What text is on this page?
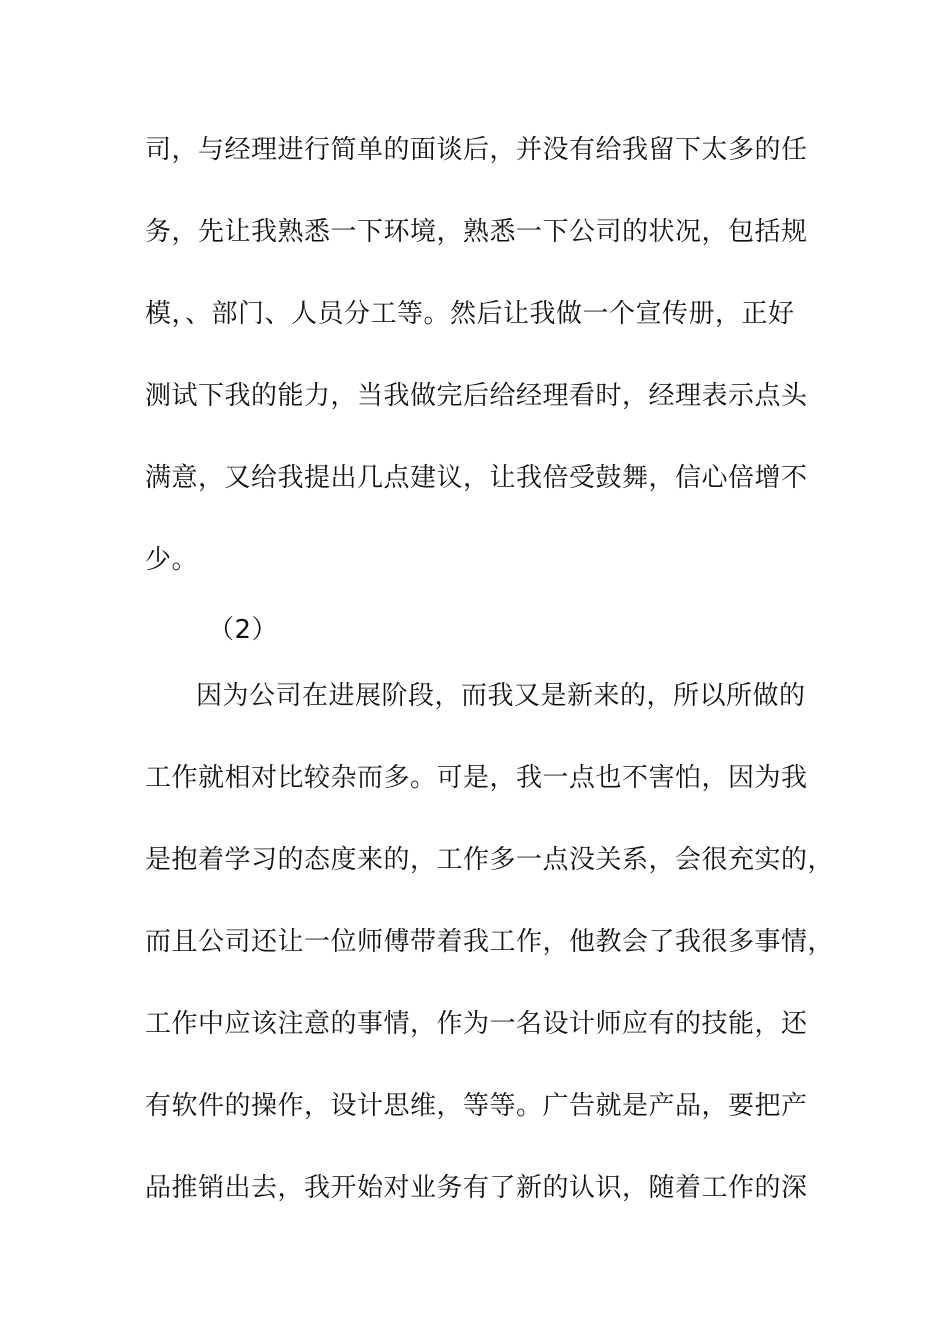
司，与经理进行简单的面谈后，并没有给我留下太多的任
务，先让我熟悉一下环境，熟悉一下公司的状况，包括规
模，、部门、人员分工等。然后让我做一个宣传册，正好
测试下我的能力，当我做完后给经理看时，经理表示点头
满意，又给我提出几点建议，让我倍受鼓舞，信心倍增不
少。
（2）
因为公司在进展阶段，而我又是新来的，所以所做的
工作就相对比较杂而多。可是，我一点也不害怕，因为我
是抱着学习的态度来的，工作多一点没关系，会很充实的，
而且公司还让一位师傅带着我工作，他教会了我很多事情，
工作中应该注意的事情，作为一名设计师应有的技能，还
有软件的操作，设计思维，等等。广告就是产品，要把产
品推销出去，我开始对业务有了新的认识，随着工作的深
